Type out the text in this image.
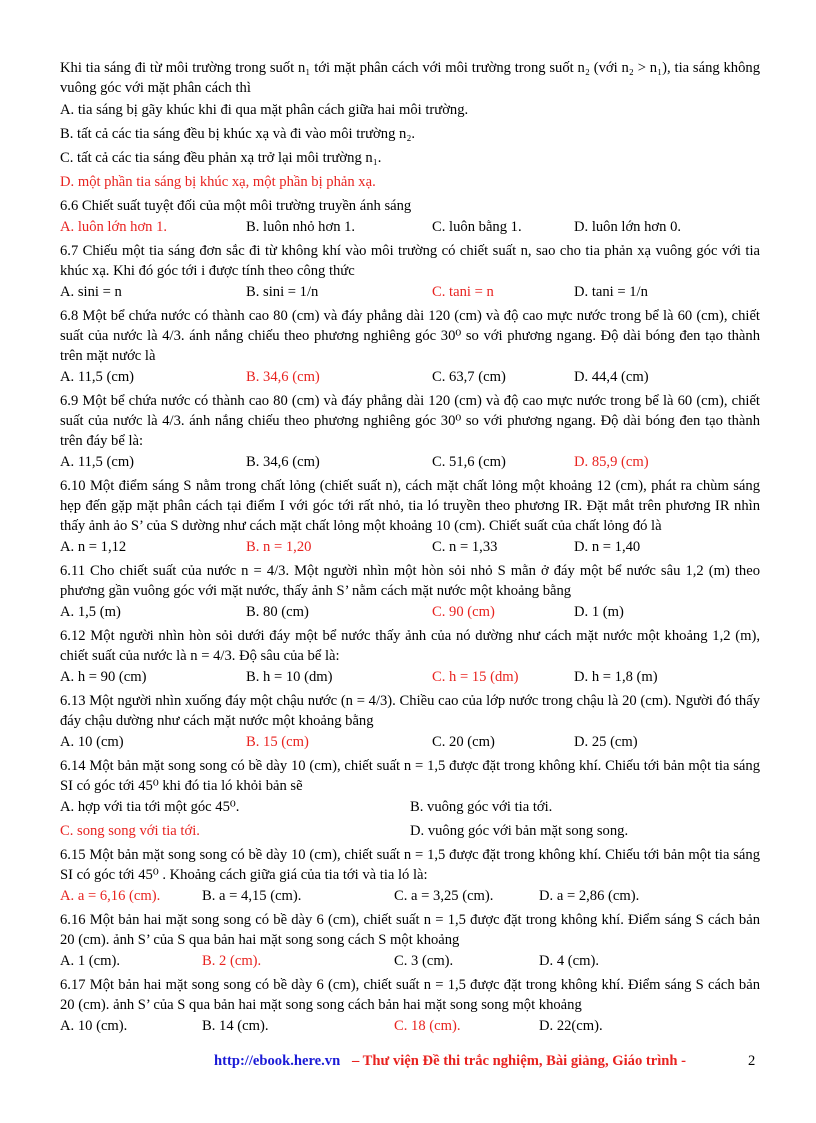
Khi tia sáng đi từ môi trường trong suốt n₁ tới mặt phân cách với môi trường trong suốt n₂ (với n₂ > n₁), tia sáng không vuông góc với mặt phân cách thì
A. tia sáng bị gãy khúc khi đi qua mặt phân cách giữa hai môi trường.
B. tất cả các tia sáng đều bị khúc xạ và đi vào môi trường n₂.
C. tất cả các tia sáng đều phản xạ trở lại môi trường n₁.
D. một phần tia sáng bị khúc xạ, một phần bị phản xạ.
6.6 Chiết suất tuyệt đối của một môi trường truyền ánh sáng
A. luôn lớn hơn 1.	B. luôn nhỏ hơn 1.	C. luôn bằng 1.	D. luôn lớn hơn 0.
6.7 Chiếu một tia sáng đơn sắc đi từ không khí vào môi trường có chiết suất n, sao cho tia phản xạ vuông góc với tia khúc xạ. Khi đó góc tới i được tính theo công thức
A. sini = n	B. sini = 1/n	C. tani = n	D. tani = 1/n
6.8 Một bể chứa nước có thành cao 80 (cm) và đáy phẳng dài 120 (cm) và độ cao mực nước trong bể là 60 (cm), chiết suất của nước là 4/3. ánh nắng chiếu theo phương nghiêng góc 30⁰ so với phương ngang. Độ dài bóng đen tạo thành trên mặt nước là
A. 11,5 (cm)	B. 34,6 (cm)	C. 63,7 (cm)	D. 44,4 (cm)
6.9 Một bể chứa nước có thành cao 80 (cm) và đáy phẳng dài 120 (cm) và độ cao mực nước trong bể là 60 (cm), chiết suất của nước là 4/3. ánh nắng chiếu theo phương nghiêng góc 30⁰ so với phương ngang. Độ dài bóng đen tạo thành trên đáy bể là:
A. 11,5 (cm)	B. 34,6 (cm)	C. 51,6 (cm)	D. 85,9 (cm)
6.10 Một điểm sáng S nằm trong chất lỏng (chiết suất n), cách mặt chất lỏng một khoảng 12 (cm), phát ra chùm sáng hẹp đến gặp mặt phân cách tại điểm I với góc tới rất nhỏ, tia ló truyền theo phương IR. Đặt mắt trên phương IR nhìn thấy ảnh ảo S’ của S dường như cách mặt chất lỏng một khoảng 10 (cm). Chiết suất của chất lỏng đó là
A. n = 1,12	B. n = 1,20	C. n = 1,33	D. n = 1,40
6.11 Cho chiết suất của nước n = 4/3. Một người nhìn một hòn sỏi nhỏ S mằn ở đáy một bể nước sâu 1,2 (m) theo phương gần vuông góc với mặt nước, thấy ảnh S’ nằm cách mặt nước một khoảng bằng
A. 1,5 (m)	B. 80 (cm)	C. 90 (cm)	D. 1 (m)
6.12 Một người nhìn hòn sỏi dưới đáy một bể nước thấy ảnh của nó dường như cách mặt nước một khoảng 1,2 (m), chiết suất của nước là n = 4/3. Độ sâu của bể là:
A. h = 90 (cm)	B. h = 10 (dm)	C. h = 15 (dm)	D. h = 1,8 (m)
6.13 Một người nhìn xuống đáy một chậu nước (n = 4/3). Chiều cao của lớp nước trong chậu là 20 (cm). Người đó thấy đáy chậu dường như cách mặt nước một khoảng bằng
A. 10 (cm)	B. 15 (cm)	C. 20 (cm)	D. 25 (cm)
6.14 Một bản mặt song song có bề dày 10 (cm), chiết suất n = 1,5 được đặt trong không khí. Chiếu tới bản một tia sáng SI có góc tới 45⁰ khi đó tia ló khỏi bản sẽ
A. hợp với tia tới một góc 45⁰.	B. vuông góc với tia tới.
C. song song với tia tới.	D. vuông góc với bản mặt song song.
6.15 Một bản mặt song song có bề dày 10 (cm), chiết suất n = 1,5 được đặt trong không khí. Chiếu tới bản một tia sáng SI có góc tới 45⁰ . Khoảng cách giữa giá của tia tới và tia ló là:
A. a = 6,16 (cm).	B. a = 4,15 (cm).	C. a = 3,25 (cm).	D. a = 2,86 (cm).
6.16 Một bản hai mặt song song có bề dày 6 (cm), chiết suất n = 1,5 được đặt trong không khí. Điểm sáng S cách bản 20 (cm). ảnh S’ của S qua bản hai mặt song song cách S một khoảng
A. 1 (cm).	B. 2 (cm).	C. 3 (cm).	D. 4 (cm).
6.17 Một bản hai mặt song song có bề dày 6 (cm), chiết suất n = 1,5 được đặt trong không khí. Điểm sáng S cách bản 20 (cm). ảnh S’ của S qua bản hai mặt song song cách bản hai mặt song song một khoảng
A. 10 (cm).	B. 14 (cm).	C. 18 (cm).	D. 22(cm).
http://ebook.here.vn – Thư viện Đề thi trắc nghiệm, Bài giảng, Giáo trình -	2
